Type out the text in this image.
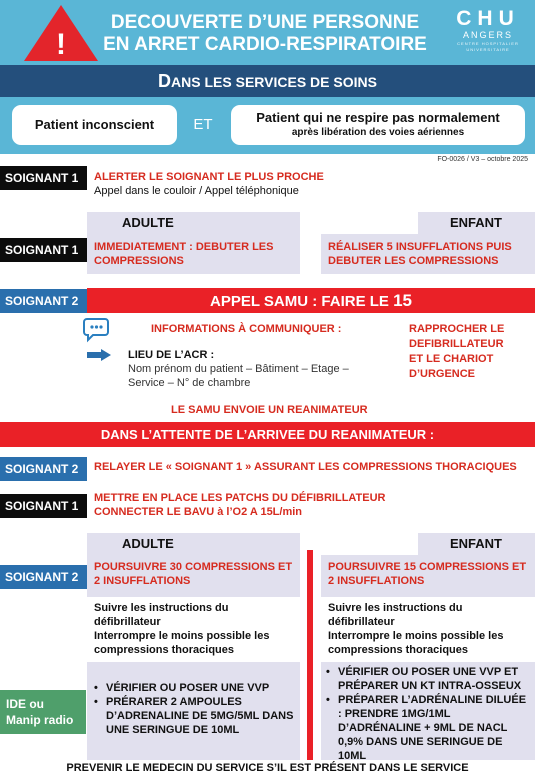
!
DECOUVERTE D’UNE PERSONNE
EN ARRET CARDIO-RESPIRATOIRE
CHU
ANGERS
CENTRE HOSPITALIER UNIVERSITAIRE
DANS LES SERVICES DE SOINS
Patient inconscient	ET	Patient qui ne respire pas normalement
après libération des voies aériennes
FO-0026 / V3 – octobre 2025
SOIGNANT 1	ALERTER LE SOIGNANT LE PLUS PROCHE
Appel dans le couloir / Appel téléphonique
ADULTE	ENFANT
SOIGNANT 1	IMMEDIATEMENT : DEBUTER LES
COMPRESSIONS
RÉALISER 5 INSUFFLATIONS PUIS
DEBUTER LES COMPRESSIONS
SOIGNANT 2	APPEL SAMU : FAIRE LE 15
INFORMATIONS À COMMUNIQUER :
LIEU DE L’ACR :
Nom prénom du patient – Bâtiment – Etage –
Service – N° de chambre
RAPPROCHER LE
DEFIBRILLATEUR
ET LE CHARIOT
D’URGENCE
LE SAMU ENVOIE UN REANIMATEUR
DANS L’ATTENTE DE L’ARRIVEE DU REANIMATEUR :
SOIGNANT 2	RELAYER LE « SOIGNANT 1 » ASSURANT LES COMPRESSIONS THORACIQUES
SOIGNANT 1
METTRE EN PLACE LES PATCHS DU DÉFIBRILLATEUR
CONNECTER LE BAVU à l’O2 A 15L/min
ADULTE	ENFANT
SOIGNANT 2
POURSUIVRE 30 COMPRESSIONS ET
2 INSUFFLATIONS
POURSUIVRE 15 COMPRESSIONS ET
2 INSUFFLATIONS
Suivre les instructions du
défibrillateur
Interrompre le moins possible les
compressions thoraciques
Suivre les instructions du
défibrillateur
Interrompre le moins possible les
compressions thoraciques
IDE ou
Manip radio
• VÉRIFIER OU POSER UNE VVP
• PRÉRARER 2 AMPOULES D’ADRENALINE DE 5MG/5ML DANS UNE SERINGUE DE 10ML
• VÉRIFIER OU POSER UNE VVP ET PRÉPARER UN KT INTRA-OSSEUX
• PRÉPARER L’ADRÉNALINE DILUÉE : PRENDRE 1MG/1ML D’ADRÉNALINE + 9ML DE NACL 0,9% DANS UNE SERINGUE DE 10ML
PREVENIR LE MEDECIN DU SERVICE S’IL EST PRÉSENT DANS LE SERVICE
